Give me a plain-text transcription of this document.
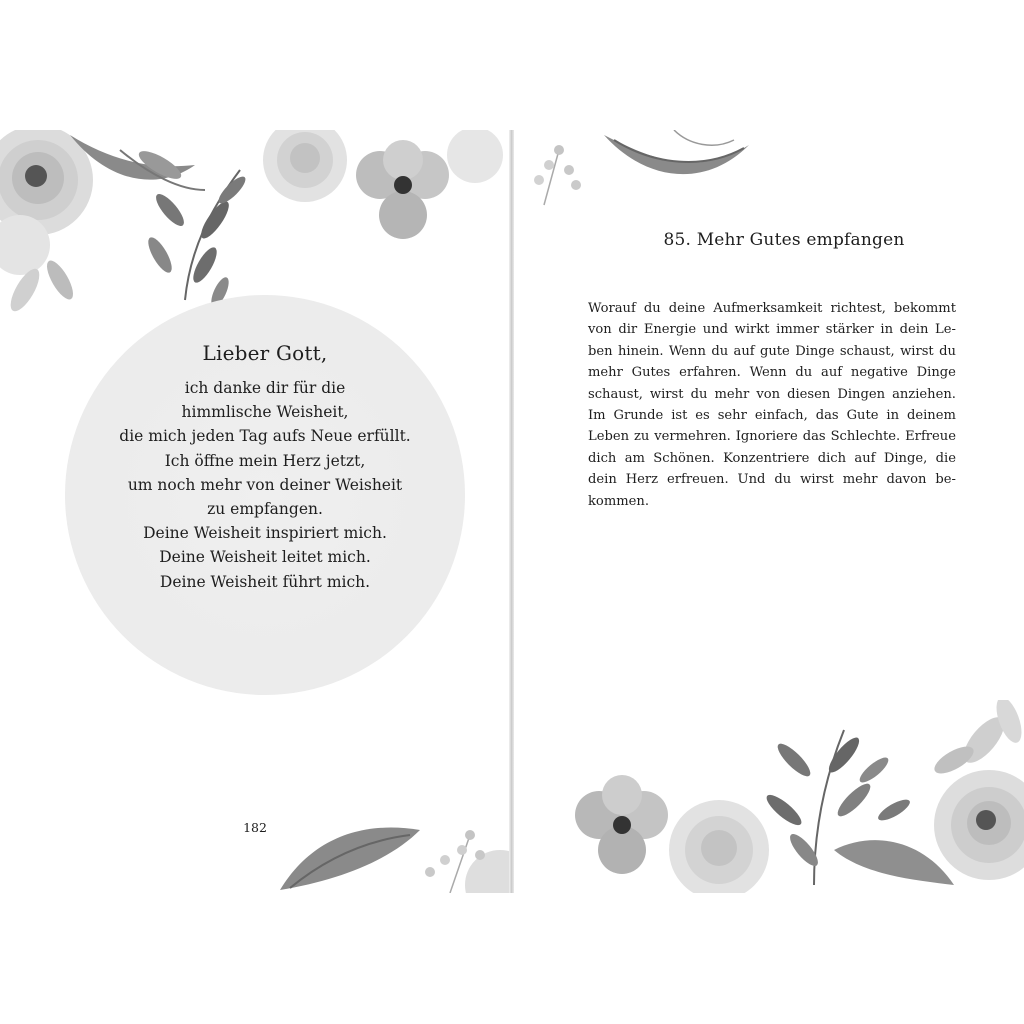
Lieber Gott,
ich danke dir für die
himmlische Weisheit,
die mich jeden Tag aufs Neue erfüllt.
Ich öffne mein Herz jetzt,
um noch mehr von deiner Weisheit
zu empfangen.
Deine Weisheit inspiriert mich.
Deine Weisheit leitet mich.
Deine Weisheit führt mich.
182
85. Mehr Gutes empfangen
Worauf du deine Aufmerksamkeit richtest, bekommt
von dir Energie und wirkt immer stärker in dein Le-
ben hinein. Wenn du auf gute Dinge schaust, wirst du
mehr Gutes erfahren. Wenn du auf negative Dinge
schaust, wirst du mehr von diesen Dingen anziehen.
Im Grunde ist es sehr einfach, das Gute in deinem
Leben zu vermehren. Ignoriere das Schlechte. Erfreue
dich am Schönen. Konzentriere dich auf Dinge, die
dein Herz erfreuen. Und du wirst mehr davon be-
kommen.
